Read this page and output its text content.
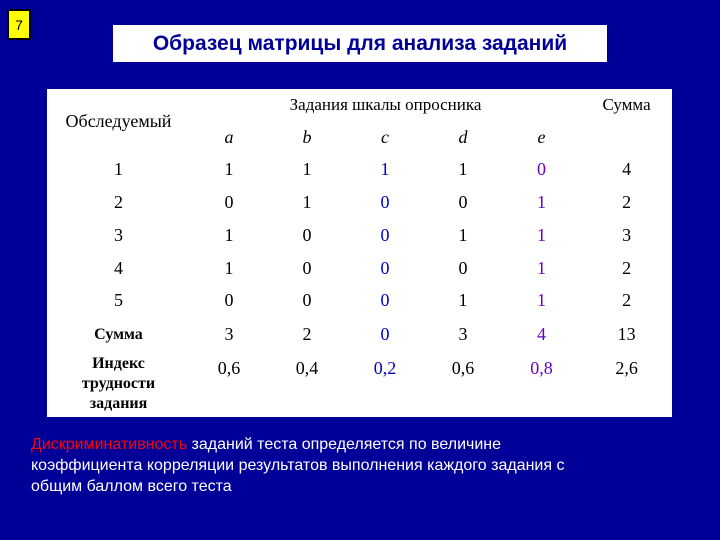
7
Образец матрицы для анализа заданий
Обследуемый	Задания шкалы опросника					Сумма
	a	b	c	d	e	
1	1	1	1	1	0	4
2	0	1	0	0	1	2
3	1	0	0	1	1	3
4	1	0	0	0	1	2
5	0	0	0	1	1	2
Сумма	3	2	0	3	4	13
Индекс
трудности
задания	0,6	0,4	0,2	0,6	0,8	2,6
Дискриминативность заданий теста определяется по величине
коэффициента корреляции результатов выполнения каждого задания с
общим баллом всего теста
